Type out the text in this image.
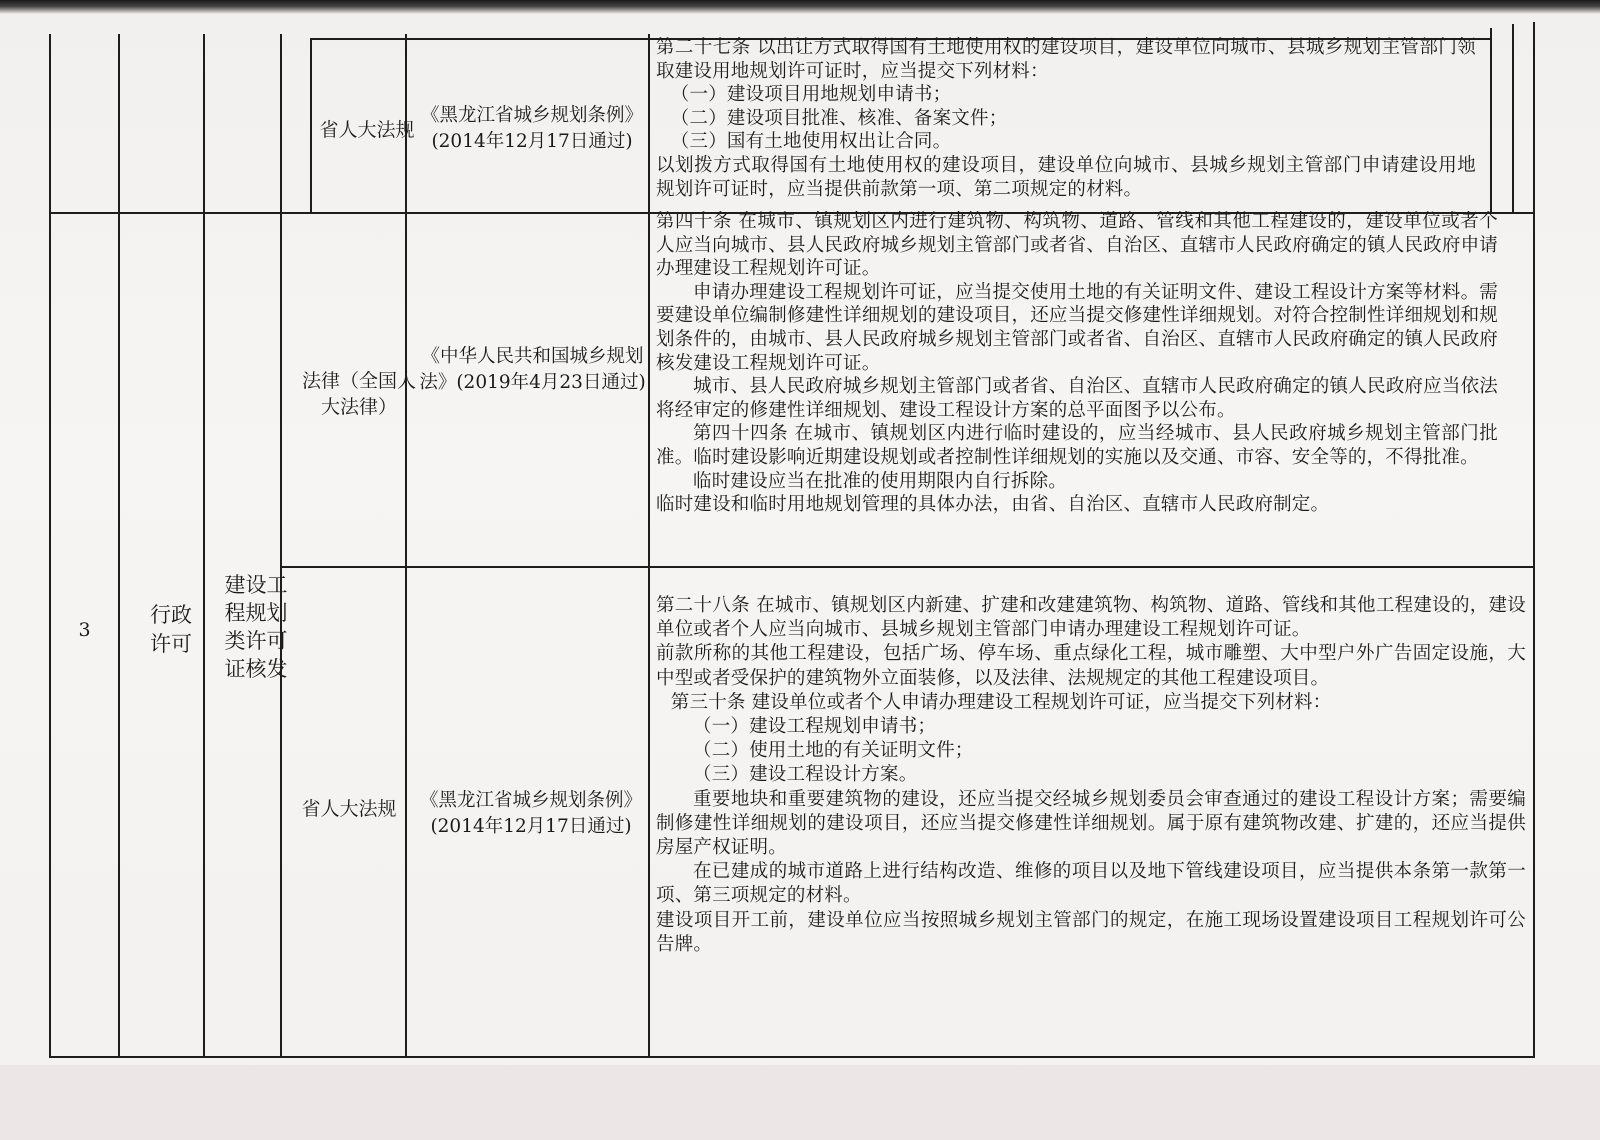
3
行政许可
建设工程规划类许可证核发
省人大法规
《黑龙江省城乡规划条例》(2014年12月17日通过)

第二十七条 以出让方式取得国有土地使用权的建设项目，建设单位向城市、县城乡规划主管部门领取建设用地规划许可证时，应当提交下列材料：

（一）建设项目用地规划申请书；

（二）建设项目批准、核准、备案文件；

（三）国有土地使用权出让合同。

以划拨方式取得国有土地使用权的建设项目，建设单位向城市、县城乡规划主管部门申请建设用地规划许可证时，应当提供前款第一项、第二项规定的材料。

法律（全国人大法律）
《中华人民共和国城乡规划法》(2019年4月23日通过)

第四十条 在城市、镇规划区内进行建筑物、构筑物、道路、管线和其他工程建设的，建设单位或者个人应当向城市、县人民政府城乡规划主管部门或者省、自治区、直辖市人民政府确定的镇人民政府申请办理建设工程规划许可证。

申请办理建设工程规划许可证，应当提交使用土地的有关证明文件、建设工程设计方案等材料。需要建设单位编制修建性详细规划的建设项目，还应当提交修建性详细规划。对符合控制性详细规划和规划条件的，由城市、县人民政府城乡规划主管部门或者省、自治区、直辖市人民政府确定的镇人民政府核发建设工程规划许可证。

城市、县人民政府城乡规划主管部门或者省、自治区、直辖市人民政府确定的镇人民政府应当依法将经审定的修建性详细规划、建设工程设计方案的总平面图予以公布。

第四十四条 在城市、镇规划区内进行临时建设的，应当经城市、县人民政府城乡规划主管部门批准。临时建设影响近期建设规划或者控制性详细规划的实施以及交通、市容、安全等的，不得批准。

临时建设应当在批准的使用期限内自行拆除。

临时建设和临时用地规划管理的具体办法，由省、自治区、直辖市人民政府制定。

省人大法规	《黑龙江省城乡规划条例》(2014年12月17日通过)

第二十八条 在城市、镇规划区内新建、扩建和改建建筑物、构筑物、道路、管线和其他工程建设的，建设单位或者个人应当向城市、县城乡规划主管部门申请办理建设工程规划许可证。

前款所称的其他工程建设，包括广场、停车场、重点绿化工程，城市雕塑、大中型户外广告固定设施，大中型或者受保护的建筑物外立面装修，以及法律、法规规定的其他工程建设项目。

第三十条 建设单位或者个人申请办理建设工程规划许可证，应当提交下列材料：

（一）建设工程规划申请书；

（二）使用土地的有关证明文件；

（三）建设工程设计方案。

重要地块和重要建筑物的建设，还应当提交经城乡规划委员会审查通过的建设工程设计方案；需要编制修建性详细规划的建设项目，还应当提交修建性详细规划。属于原有建筑物改建、扩建的，还应当提供房屋产权证明。

在已建成的城市道路上进行结构改造、维修的项目以及地下管线建设项目，应当提供本条第一款第一项、第三项规定的材料。

建设项目开工前，建设单位应当按照城乡规划主管部门的规定，在施工现场设置建设项目工程规划许可公告牌。
